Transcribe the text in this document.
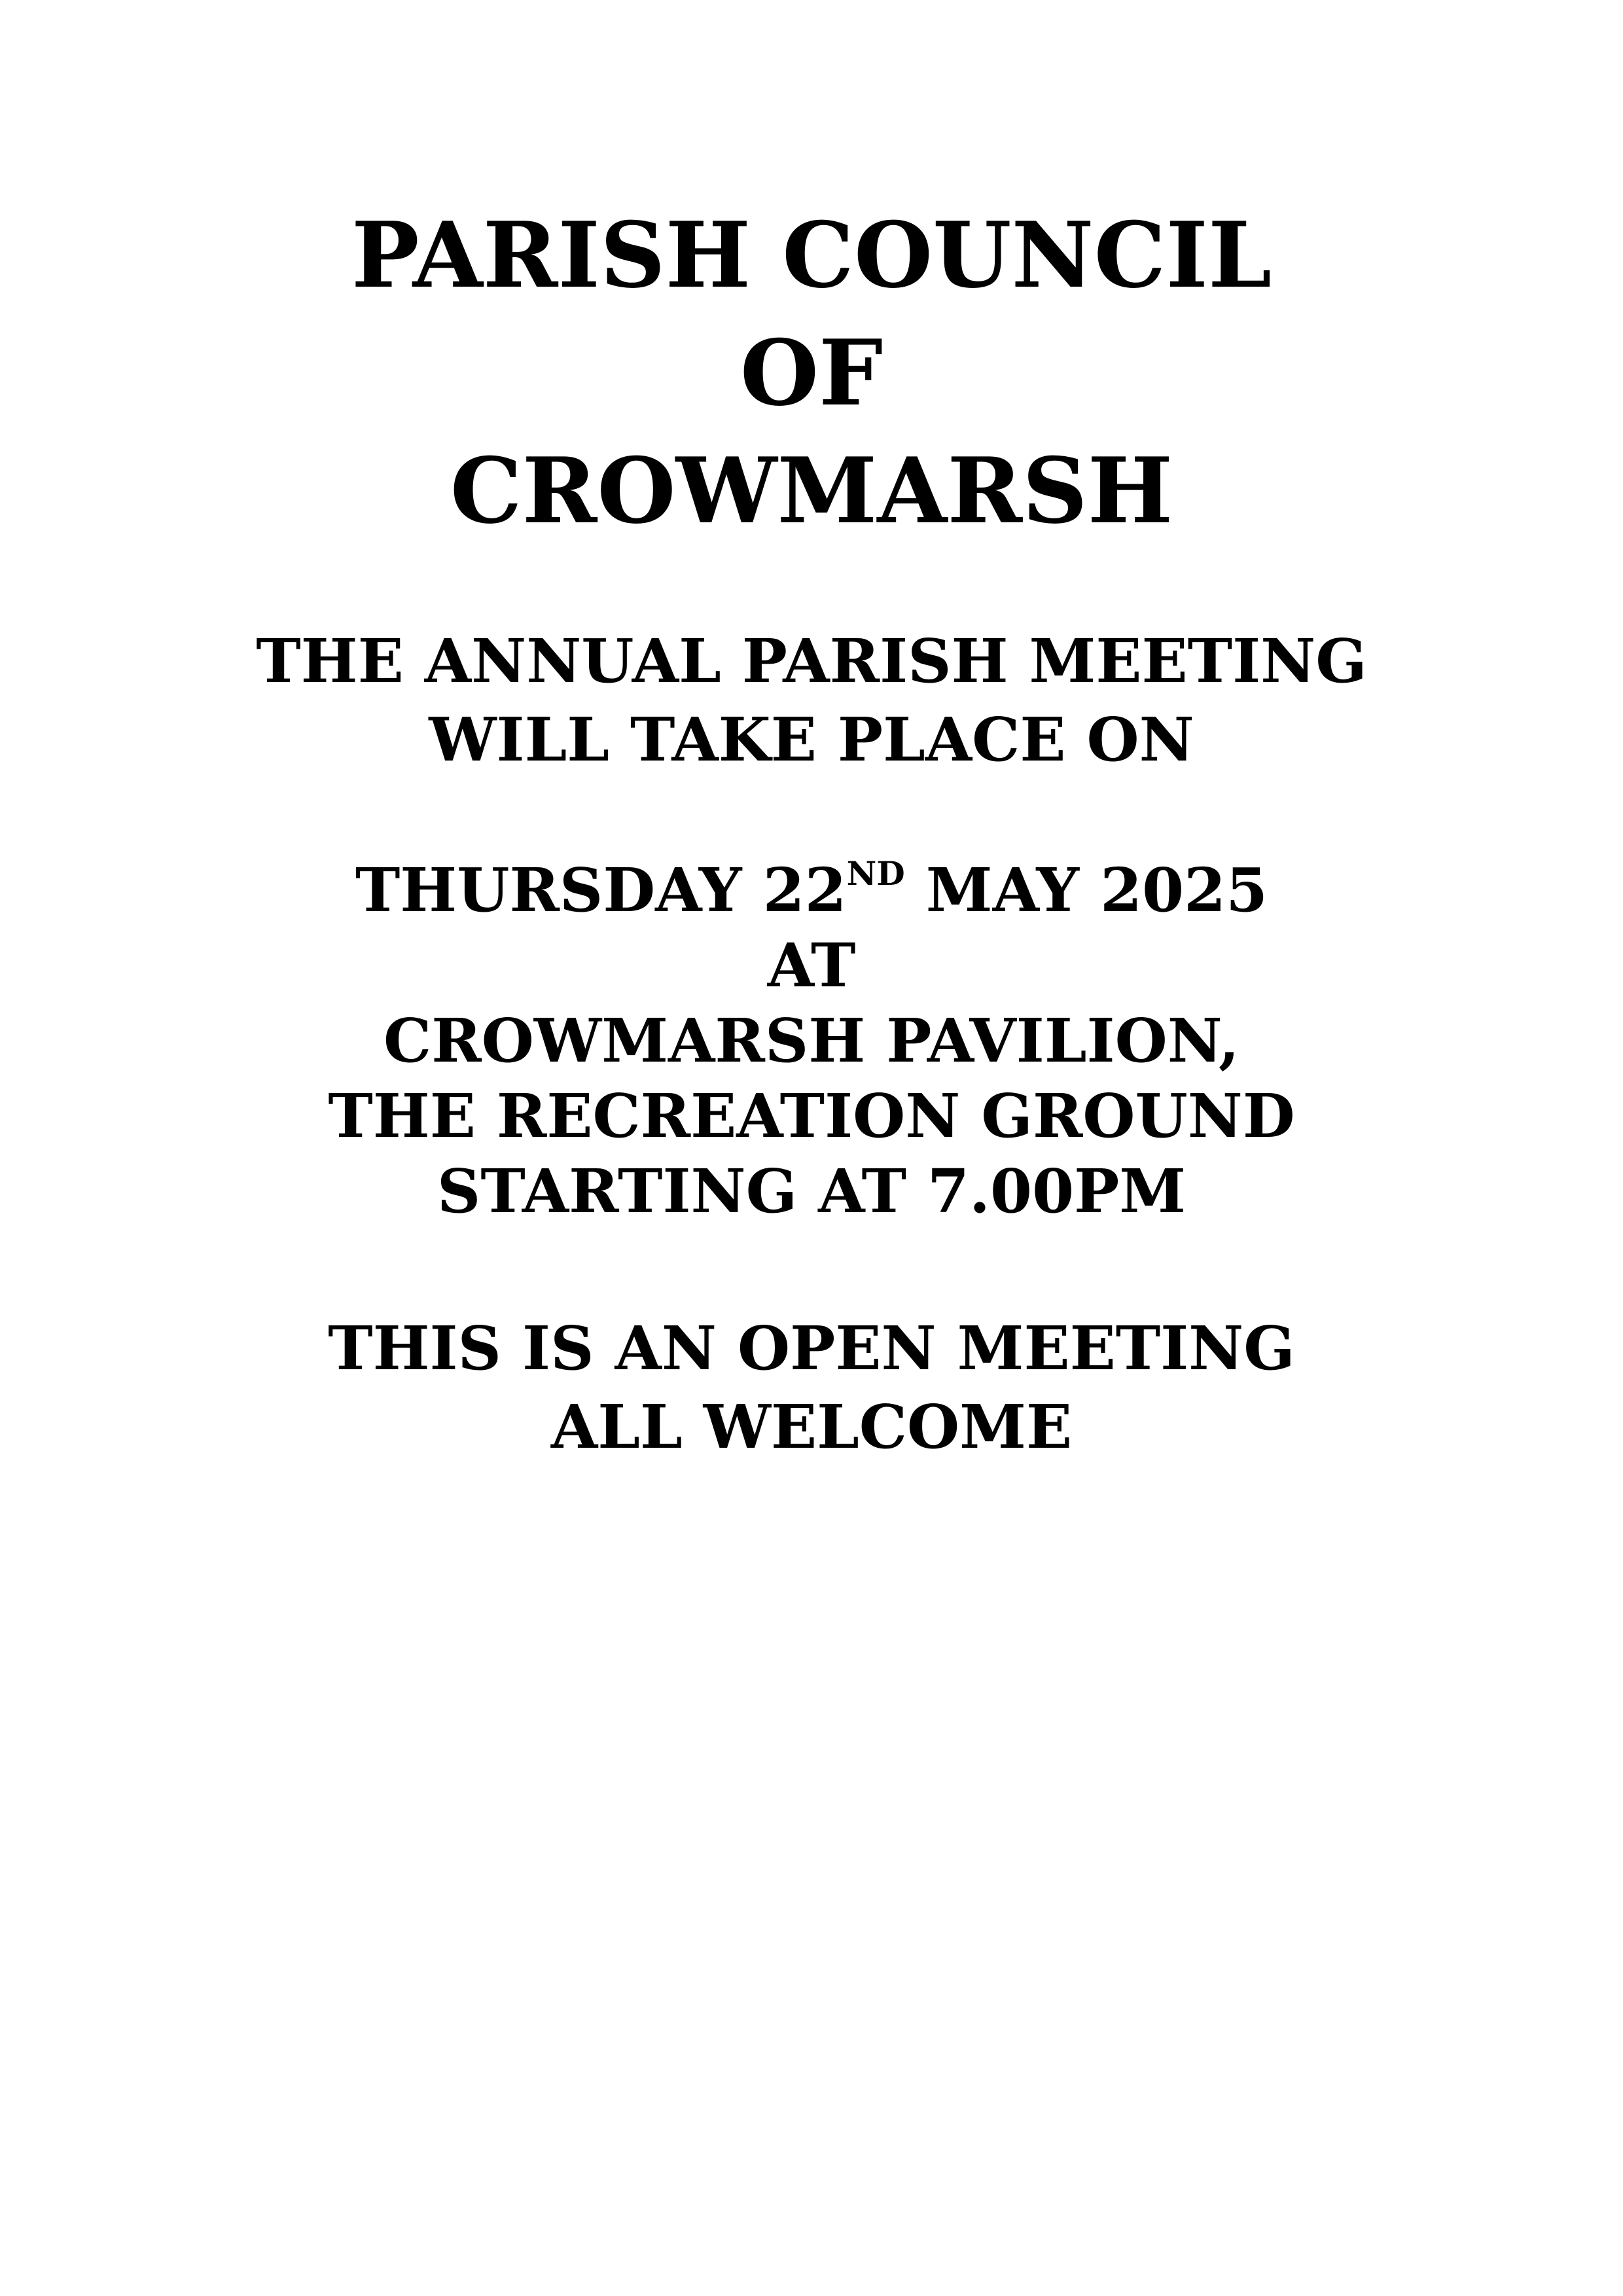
PARISH COUNCIL
OF
CROWMARSH
THE ANNUAL PARISH MEETING
WILL TAKE PLACE ON
THURSDAY 22ND MAY 2025
AT
CROWMARSH PAVILION,
THE RECREATION GROUND
STARTING AT 7.00PM
THIS IS AN OPEN MEETING
ALL WELCOME
